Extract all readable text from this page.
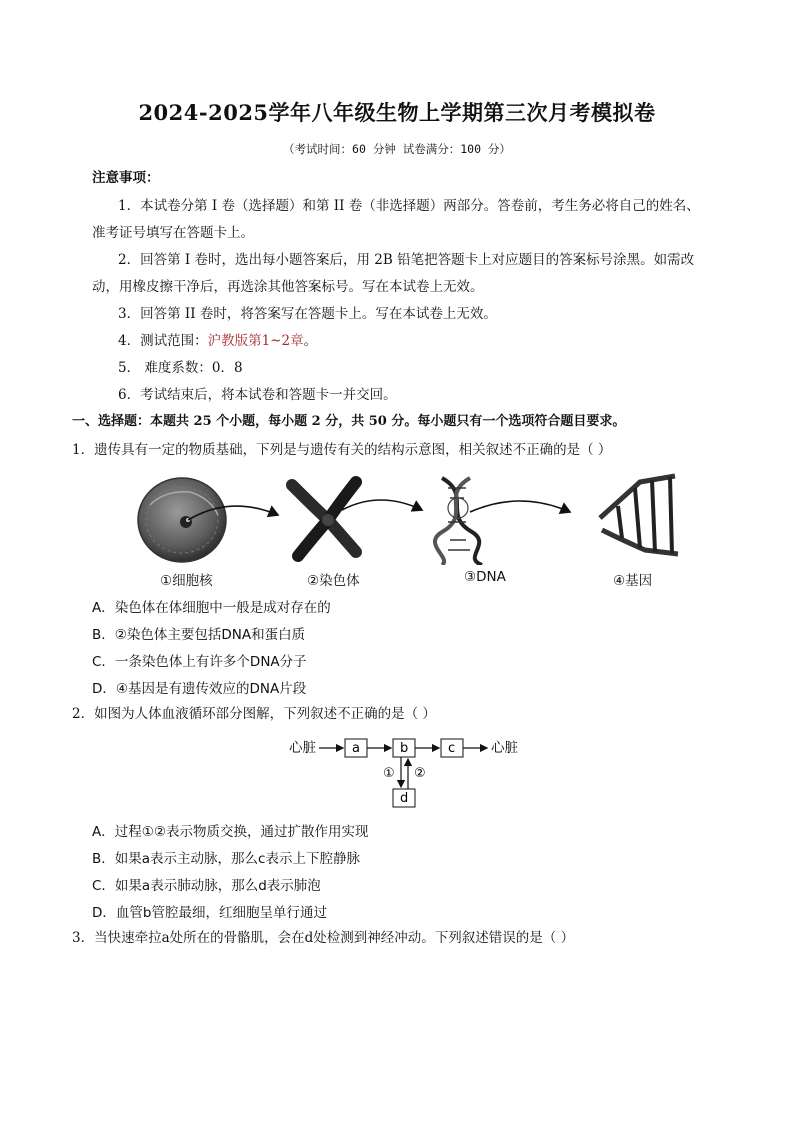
2024-2025学年八年级生物上学期第三次月考模拟卷
（考试时间：60 分钟 试卷满分：100 分）
注意事项：
1．本试卷分第 I 卷（选择题）和第 II 卷（非选择题）两部分。答卷前，考生务必将自己的姓名、
准考证号填写在答题卡上。
2．回答第 I 卷时，选出每小题答案后，用 2B 铅笔把答题卡上对应题目的答案标号涂黑。如需改
动，用橡皮擦干净后，再选涂其他答案标号。写在本试卷上无效。
3．回答第 II 卷时，将答案写在答题卡上。写在本试卷上无效。
4．测试范围：沪教版第1~2章。
5． 难度系数：0．8
6．考试结束后，将本试卷和答题卡一并交回。
一、选择题：本题共 25 个小题，每小题 2 分，共 50 分。每小题只有一个选项符合题目要求。
1．遗传具有一定的物质基础，下列是与遗传有关的结构示意图，相关叙述不正确的是（ ）
①细胞核	②染色体	③DNA	④基因
A．染色体在体细胞中一般是成对存在的
B．②染色体主要包括DNA和蛋白质
C．一条染色体上有许多个DNA分子
D．④基因是有遗传效应的DNA片段
2．如图为人体血液循环部分图解，下列叙述不正确的是（ ）
心脏	a	b	c	心脏
① ②
d
A．过程①②表示物质交换，通过扩散作用实现
B．如果a表示主动脉，那么c表示上下腔静脉
C．如果a表示肺动脉，那么d表示肺泡
D．血管b管腔最细，红细胞呈单行通过
3．当快速牵拉a处所在的骨骼肌，会在d处检测到神经冲动。下列叙述错误的是（ ）
